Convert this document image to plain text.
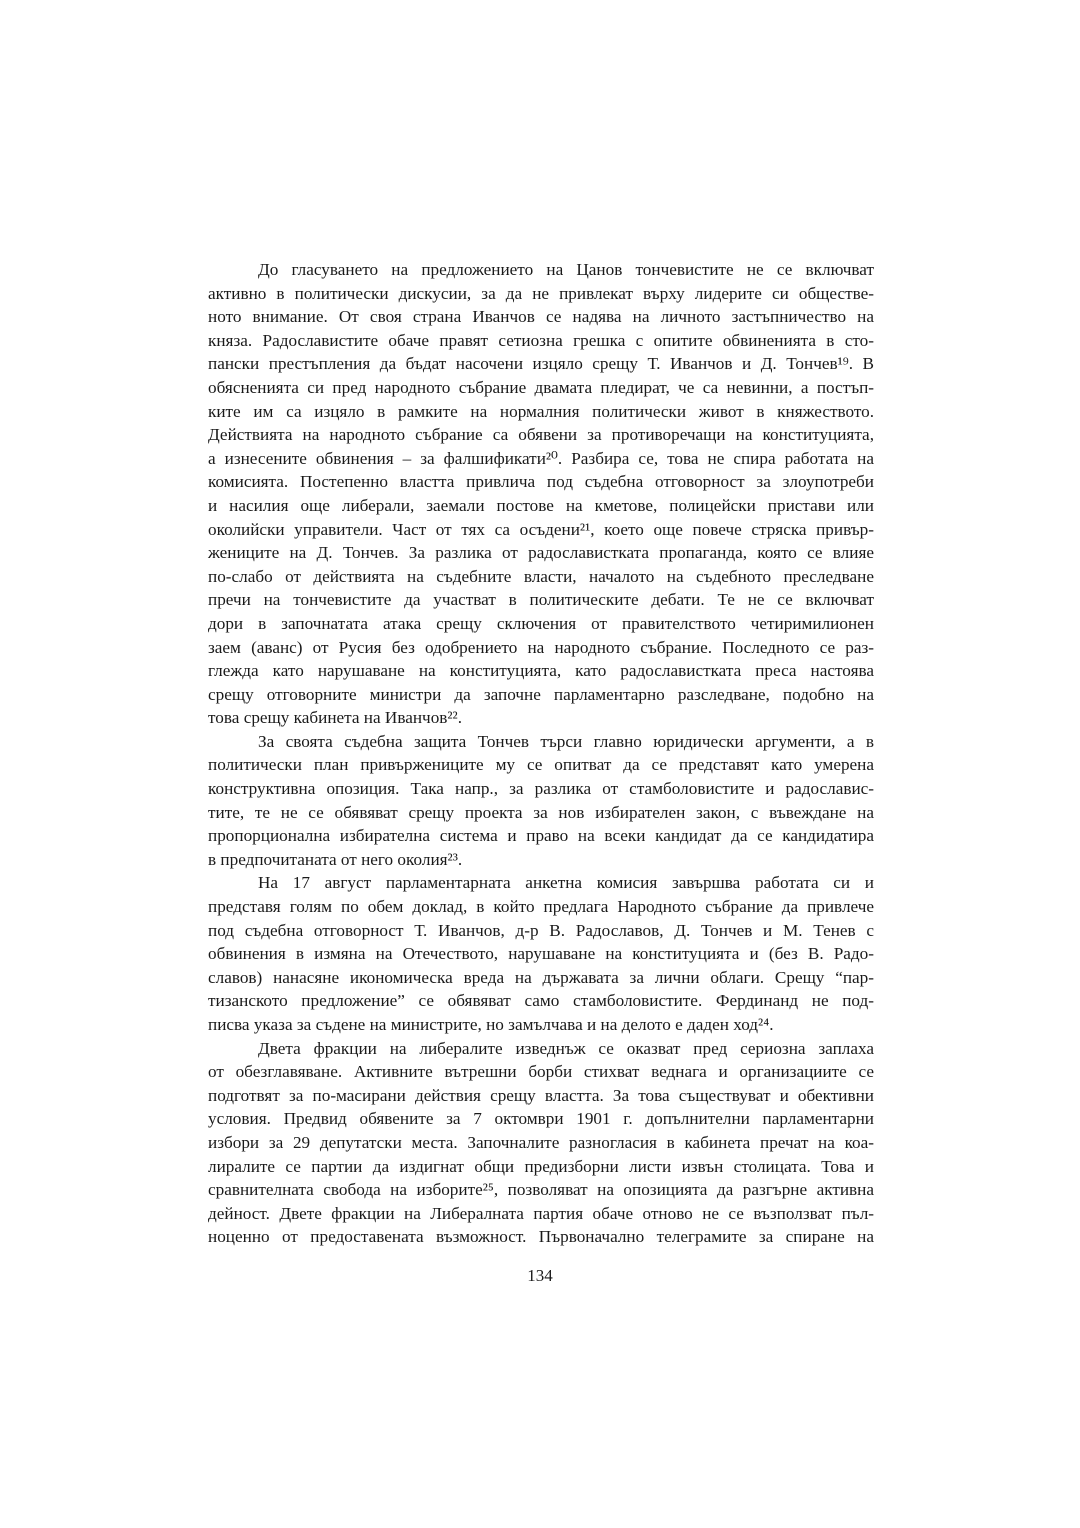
До гласуването на предложениeто на Цанов тончевистите не се включват
активно в политически дискусии, за да не привлекат върху лидерите си обществе-
ното внимание. От своя страна Иванчов се надява на личното застъпничество на
княза. Радославистите обаче правят сетиозна грешка с опитите обвиненията в сто-
пански престъпления да бъдат насочени изцяло срещу Т. Иванчов и Д. Тончев¹⁹. В
обясненията си пред народното събрание двамата пледират, че са невинни, а постъп-
ките им са изцяло в рамките на нормалния политически живот в княжеството.
Действията на народното събрание са обявени за противоречащи на конституцията,
а изнесените обвинения – за фалшификати²⁰. Разбира се, това не спира работата на
комисията. Постепенно властта привлича под съдебна отговорност за злоупотреби
и насилия още либерали, заемали постове на кметове, полицейски пристави или
околийски управители. Част от тях са осъдени²¹, което още повече стряска привър-
жениците на Д. Тончев. За разлика от радославистката пропаганда, която се влияе
по-слабо от действията на съдебните власти, началото на съдебното преследване
пречи на тончевистите да участват в политическите дебати. Те не се включват
дори в започнатата атака срещу сключения от правителството четиримилионен
заем (аванс) от Русия без одобрението на народното събрание. Последното се раз-
глежда като нарушаване на конституцията, като радославистката преса настоява
срещу отговорните министри да започне парламентарно разследване, подобно на
това срещу кабинета на Иванчов²².
За своята съдебна защита Тончев търси главно юридически аргументи, а в
политически план привържениците му се опитват да се представят като умерена
конструктивна опозиция. Така напр., за разлика от стамболовистите и радославис-
тите, те не се обявяват срещу проекта за нов избирателен закон, с въвеждане на
пропорционална избирателна система и право на всеки кандидат да се кандидатира
в предпочитаната от него околия²³.
На 17 август парламентарната анкетна комисия завършва работата си и
представя голям по обем доклад, в който предлага Народното събрание да привлече
под съдебна отговорност Т. Иванчов, д-р В. Радославов, Д. Тончев и М. Тенев с
обвинения в измяна на Отечеството, нарушаване на конституцията и (без В. Радо-
славов) нанасяне икономическа вреда на държавата за лични облаги. Срещу “пар-
тизанското предложение” се обявяват само стамболовистите. Фердинанд не под-
писва указа за съдене на министрите, но замълчава и на делото е даден ход²⁴.
Двета фракции на либералите изведнъж се оказват пред сериозна заплаха
от обезглавяване. Активните вътрешни борби стихват веднага и организациите се
подготвят за по-масирани действия срещу властта. За това съществуват и обективни
условия. Предвид обявените за 7 октомври 1901 г. допълнителни парламентарни
избори за 29 депутатски места. Започналите разногласия в кабинета пречат на коа-
лиралите се партии да издигнат общи предизборни листи извън столицата. Това и
сравнителната свобода на изборите²⁵, позволяват на опозицията да разгърне активна
дейност. Двете фракции на Либералната партия обаче отново не се възползват пъл-
ноценно от предоставената възможност. Първоначално телеграмите за спиране на
134
